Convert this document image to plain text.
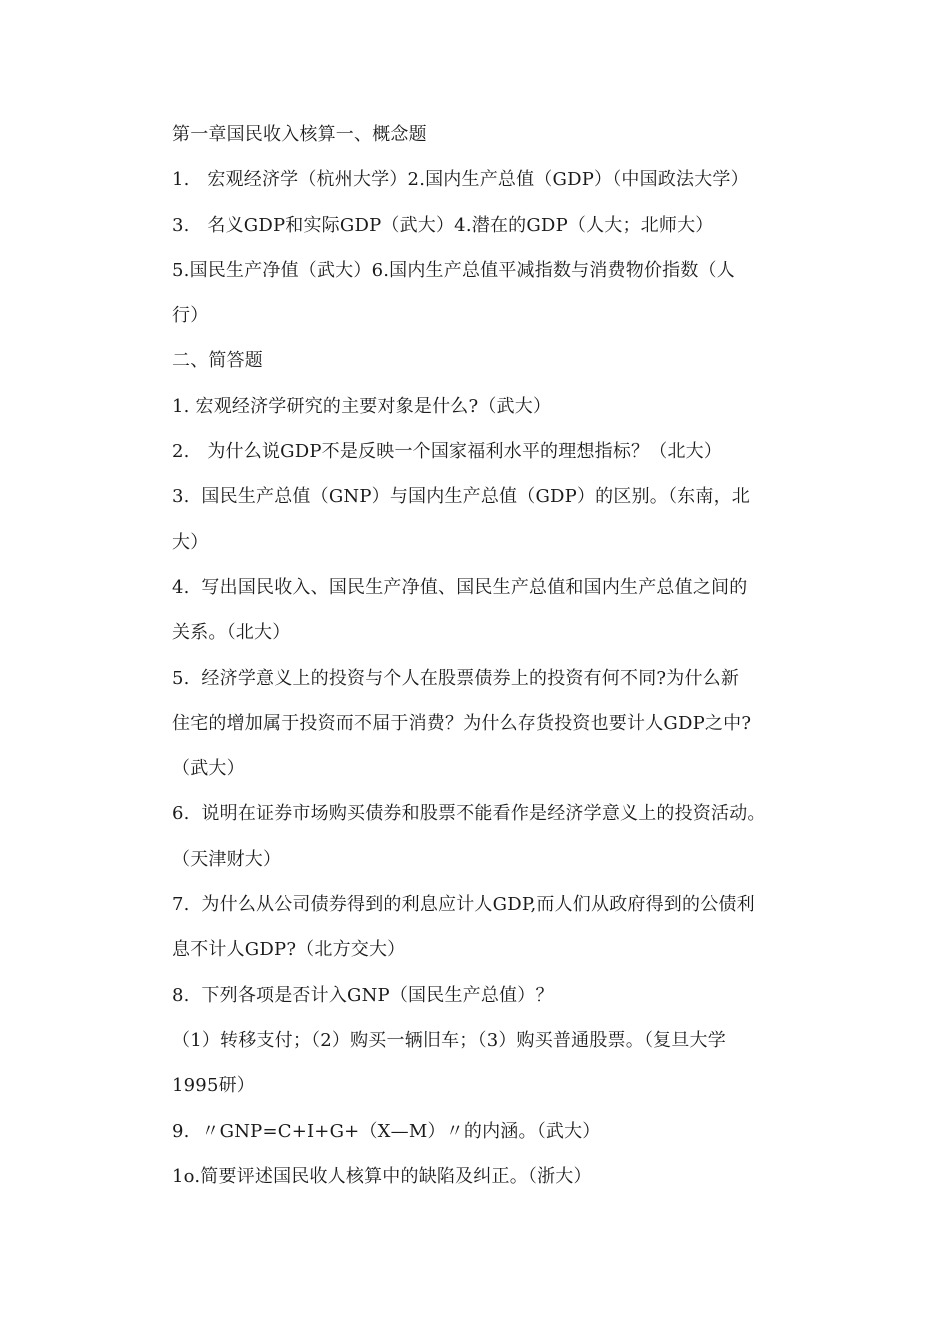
第一章国民收入核算一、概念题
1.   宏观经济学（杭州大学）2.国内生产总值（GDP）（中国政法大学）
3.   名义GDP和实际GDP（武大）4.潜在的GDP（人大；北师大）
5.国民生产净值（武大）6.国内生产总值平减指数与消费物价指数（人
行）
二、简答题
1. 宏观经济学研究的主要对象是什么?（武大）
2.   为什么说GDP不是反映一个国家福利水平的理想指标？（北大）
3.  国民生产总值（GNP）与国内生产总值（GDP）的区别。（东南，北
大）
4.  写出国民收入、国民生产净值、国民生产总值和国内生产总值之间的
关系。（北大）
5.  经济学意义上的投资与个人在股票债券上的投资有何不同?为什么新
住宅的增加属于投资而不届于消费？为什么存货投资也要计人GDP之中?
（武大）
6.  说明在证券市场购买债券和股票不能看作是经济学意义上的投资活动。
（天津财大）
7.  为什么从公司债券得到的利息应计人GDP,而人们从政府得到的公债利
息不计人GDP?（北方交大）
8.  下列各项是否计入GNP（国民生产总值）？
（1）转移支付；（2）购买一辆旧车；（3）购买普通股票。（复旦大学
1995研）
9.  〃GNP=C+I+G+（X—M）〃的内涵。（武大）
1o.简要评述国民收人核算中的缺陷及纠正。（浙大）
